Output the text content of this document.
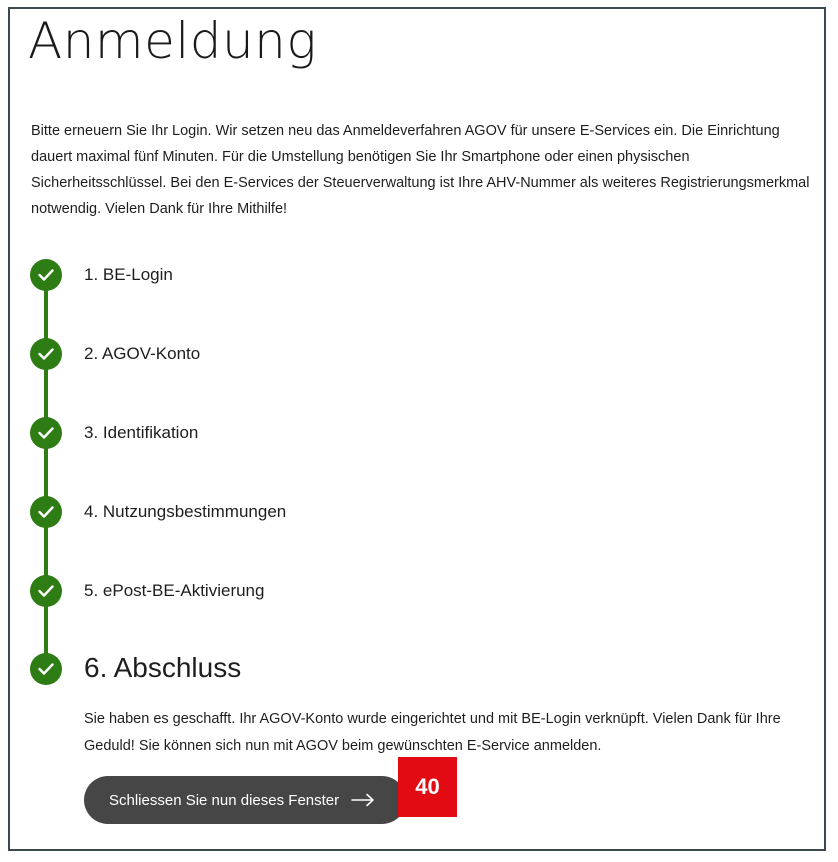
Anmeldung

Bitte erneuern Sie Ihr Login. Wir setzen neu das Anmeldeverfahren AGOV für unsere E-Services ein. Die Einrichtung dauert maximal fünf Minuten. Für die Umstellung benötigen Sie Ihr Smartphone oder einen physischen Sicherheitsschlüssel. Bei den E-Services der Steuerverwaltung ist Ihre AHV-Nummer als weiteres Registrierungsmerkmal notwendig. Vielen Dank für Ihre Mithilfe!

1. BE-Login
2. AGOV-Konto
3. Identifikation
4. Nutzungsbestimmungen
5. ePost-BE-Aktivierung
6. Abschluss

Sie haben es geschafft. Ihr AGOV-Konto wurde eingerichtet und mit BE-Login verknüpft. Vielen Dank für Ihre Geduld! Sie können sich nun mit AGOV beim gewünschten E-Service anmelden.

Schliessen Sie nun dieses Fenster
40
